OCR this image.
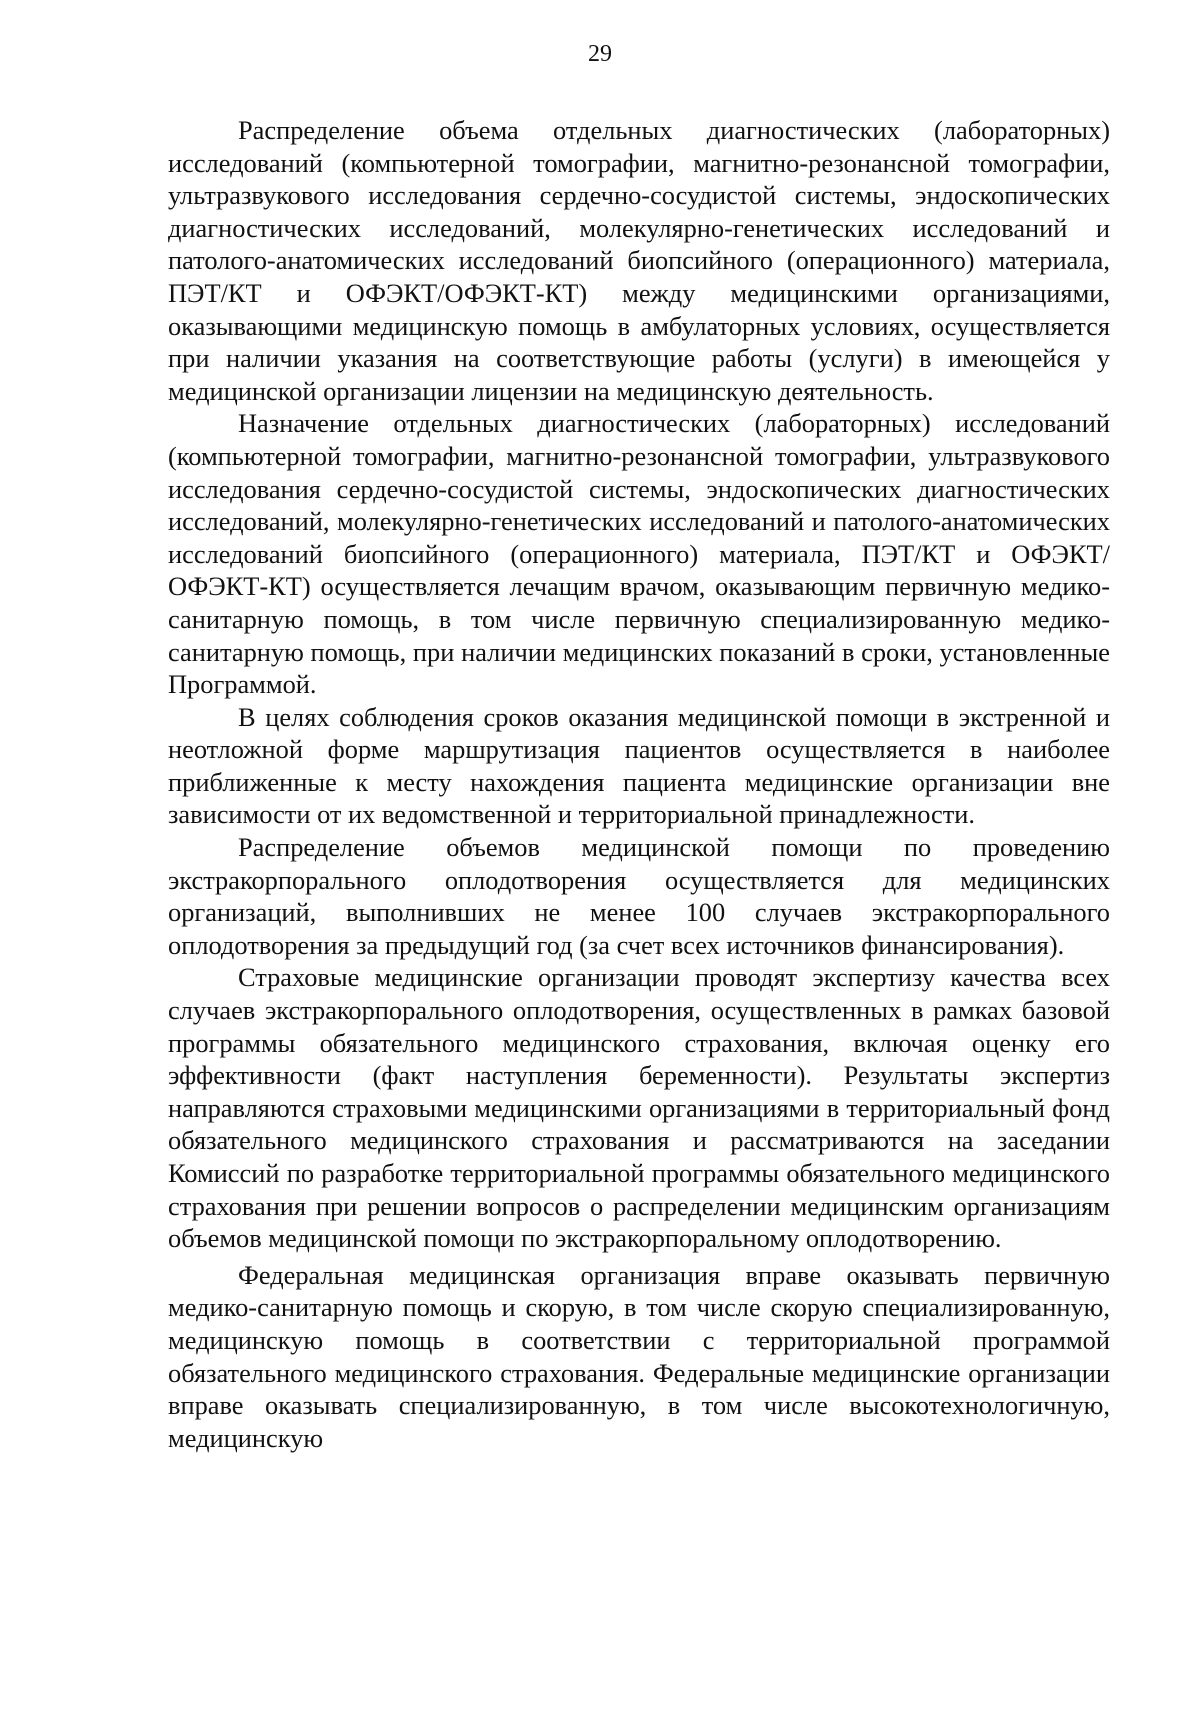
29

Распределение объема отдельных диагностических (лабораторных) исследований (компьютерной томографии, магнитно-резонансной томографии, ультразвукового исследования сердечно-сосудистой системы, эндоскопических диагностических исследований, молекулярно-генетических исследований и патолого-анатомических исследований биопсийного (операционного) материала, ПЭТ/КТ и ОФЭКТ/ОФЭКТ-КТ) между медицинскими организациями, оказывающими медицинскую помощь в амбулаторных условиях, осуществляется при наличии указания на соответствующие работы (услуги) в имеющейся у медицинской организации лицензии на медицинскую деятельность.

Назначение отдельных диагностических (лабораторных) исследований (компьютерной томографии, магнитно-резонансной томографии, ультразвукового исследования сердечно-сосудистой системы, эндоскопических диагностических исследований, молекулярно-генетических исследований и патолого-анатомических исследований биопсийного (операционного) материала, ПЭТ/КТ и ОФЭКТ/ОФЭКТ-КТ) осуществляется лечащим врачом, оказывающим первичную медико-санитарную помощь, в том числе первичную специализированную медико-санитарную помощь, при наличии медицинских показаний в сроки, установленные Программой.

В целях соблюдения сроков оказания медицинской помощи в экстренной и неотложной форме маршрутизация пациентов осуществляется в наиболее приближенные к месту нахождения пациента медицинские организации вне зависимости от их ведомственной и территориальной принадлежности.

Распределение объемов медицинской помощи по проведению экстракорпорального оплодотворения осуществляется для медицинских организаций, выполнивших не менее 100 случаев экстракорпорального оплодотворения за предыдущий год (за счет всех источников финансирования).

Страховые медицинские организации проводят экспертизу качества всех случаев экстракорпорального оплодотворения, осуществленных в рамках базовой программы обязательного медицинского страхования, включая оценку его эффективности (факт наступления беременности). Результаты экспертиз направляются страховыми медицинскими организациями в территориальный фонд обязательного медицинского страхования и рассматриваются на заседании Комиссий по разработке территориальной программы обязательного медицинского страхования при решении вопросов о распределении медицинским организациям объемов медицинской помощи по экстракорпоральному оплодотворению.

Федеральная медицинская организация вправе оказывать первичную медико-санитарную помощь и скорую, в том числе скорую специализированную, медицинскую помощь в соответствии с территориальной программой обязательного медицинского страхования. Федеральные медицинские организации вправе оказывать специализированную, в том числе высокотехнологичную, медицинскую
